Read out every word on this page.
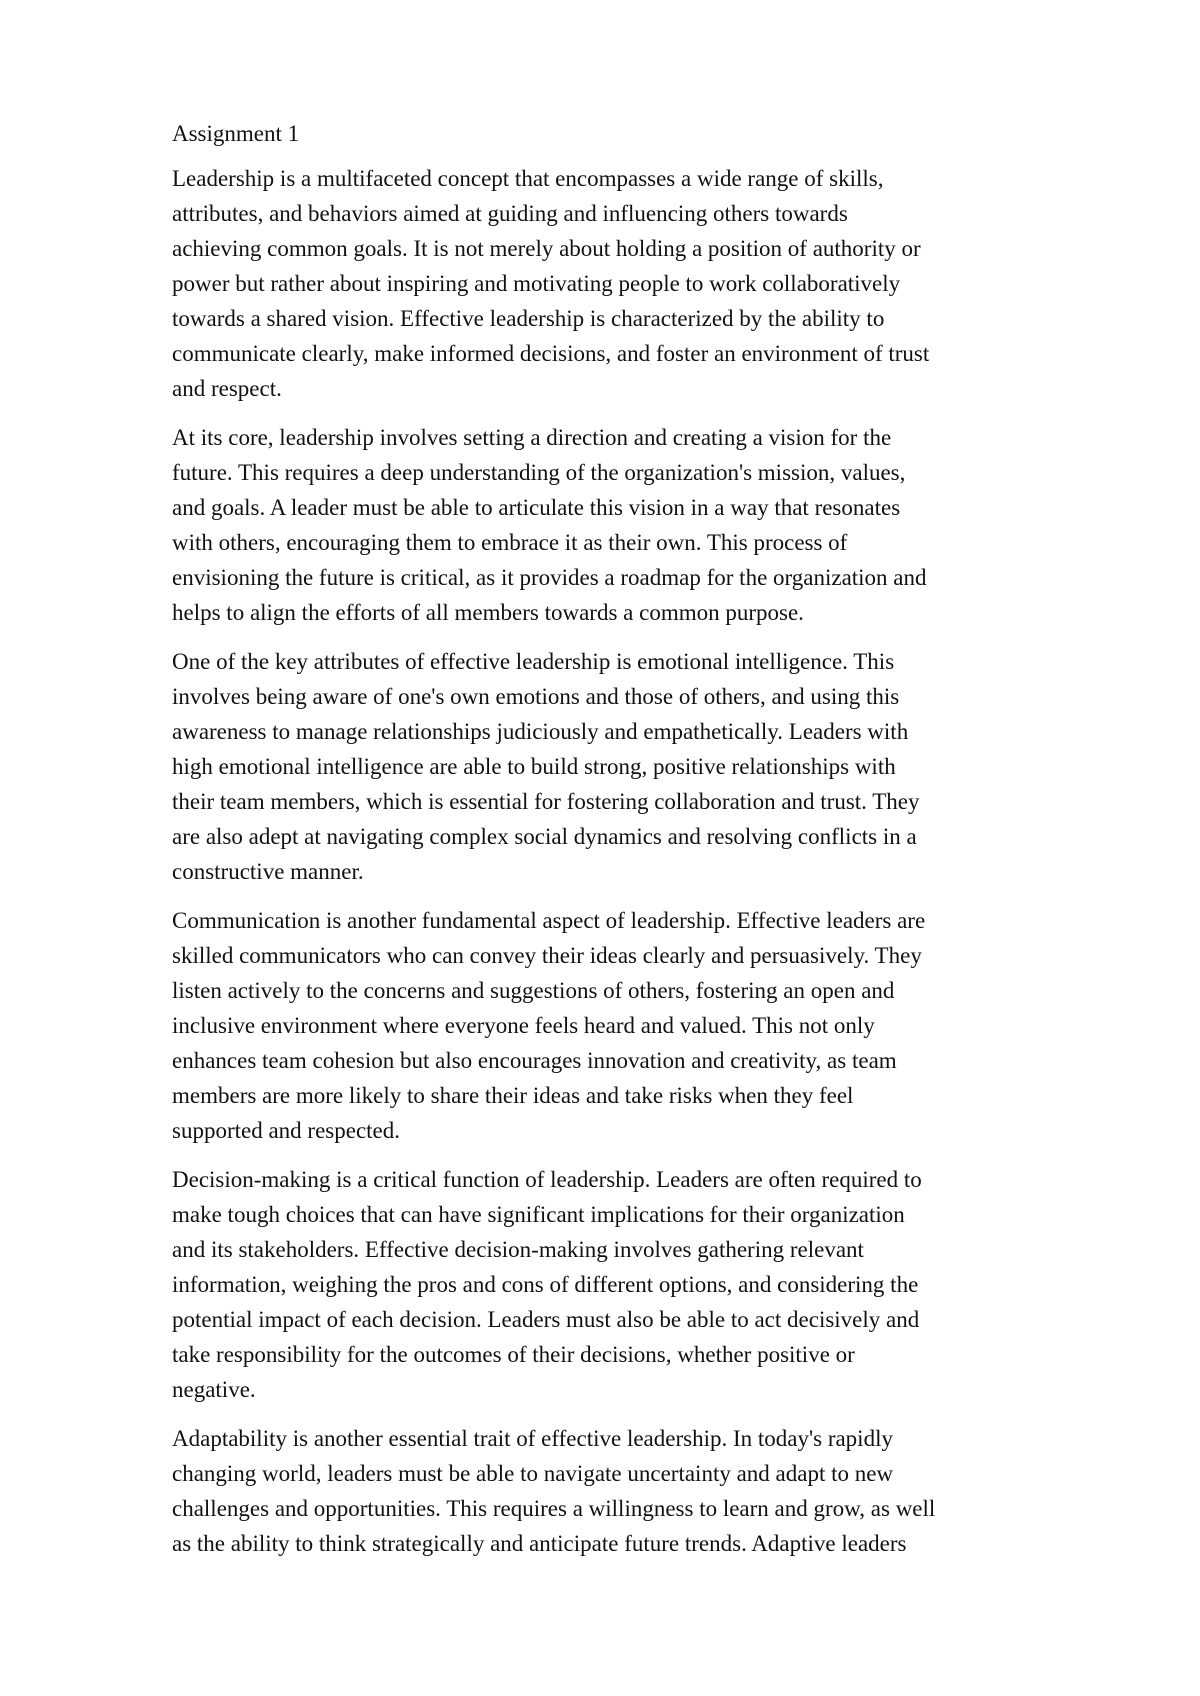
Assignment 1
Leadership is a multifaceted concept that encompasses a wide range of skills,
attributes, and behaviors aimed at guiding and influencing others towards
achieving common goals. It is not merely about holding a position of authority or
power but rather about inspiring and motivating people to work collaboratively
towards a shared vision. Effective leadership is characterized by the ability to
communicate clearly, make informed decisions, and foster an environment of trust
and respect.
At its core, leadership involves setting a direction and creating a vision for the
future. This requires a deep understanding of the organization's mission, values,
and goals. A leader must be able to articulate this vision in a way that resonates
with others, encouraging them to embrace it as their own. This process of
envisioning the future is critical, as it provides a roadmap for the organization and
helps to align the efforts of all members towards a common purpose.
One of the key attributes of effective leadership is emotional intelligence. This
involves being aware of one's own emotions and those of others, and using this
awareness to manage relationships judiciously and empathetically. Leaders with
high emotional intelligence are able to build strong, positive relationships with
their team members, which is essential for fostering collaboration and trust. They
are also adept at navigating complex social dynamics and resolving conflicts in a
constructive manner.
Communication is another fundamental aspect of leadership. Effective leaders are
skilled communicators who can convey their ideas clearly and persuasively. They
listen actively to the concerns and suggestions of others, fostering an open and
inclusive environment where everyone feels heard and valued. This not only
enhances team cohesion but also encourages innovation and creativity, as team
members are more likely to share their ideas and take risks when they feel
supported and respected.
Decision-making is a critical function of leadership. Leaders are often required to
make tough choices that can have significant implications for their organization
and its stakeholders. Effective decision-making involves gathering relevant
information, weighing the pros and cons of different options, and considering the
potential impact of each decision. Leaders must also be able to act decisively and
take responsibility for the outcomes of their decisions, whether positive or
negative.
Adaptability is another essential trait of effective leadership. In today's rapidly
changing world, leaders must be able to navigate uncertainty and adapt to new
challenges and opportunities. This requires a willingness to learn and grow, as well
as the ability to think strategically and anticipate future trends. Adaptive leaders
